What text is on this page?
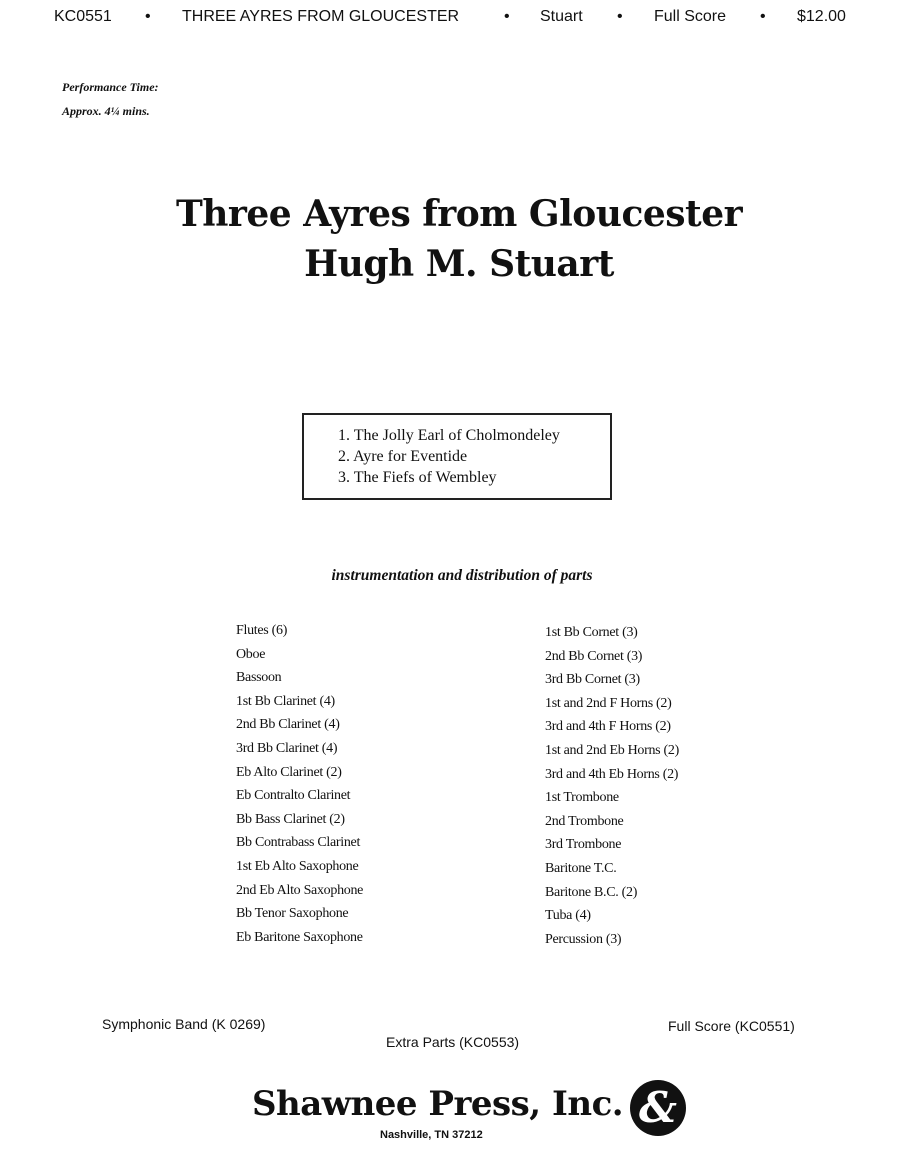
KC0551 • THREE AYRES FROM GLOUCESTER	• Stuart • Full Score • $12.00
Performance Time:
Approx. 4¼ mins.
Three Ayres from Gloucester
Hugh M. Stuart
1. The Jolly Earl of Cholmondeley
2. Ayre for Eventide
3. The Fiefs of Wembley
instrumentation and distribution of parts
Flutes (6)
Oboe
Bassoon
1st Bb Clarinet (4)
2nd Bb Clarinet (4)
3rd Bb Clarinet (4)
Eb Alto Clarinet (2)
Eb Contralto Clarinet
Bb Bass Clarinet (2)
Bb Contrabass Clarinet
1st Eb Alto Saxophone
2nd Eb Alto Saxophone
Bb Tenor Saxophone
Eb Baritone Saxophone
1st Bb Cornet (3)
2nd Bb Cornet (3)
3rd Bb Cornet (3)
1st and 2nd F Horns (2)
3rd and 4th F Horns (2)
1st and 2nd Eb Horns (2)
3rd and 4th Eb Horns (2)
1st Trombone
2nd Trombone
3rd Trombone
Baritone T.C.
Baritone B.C. (2)
Tuba (4)
Percussion (3)
Symphonic Band (K 0269)	Full Score (KC0551)
Extra Parts (KC0553)
Shawnee Press, Inc.
Nashville, TN 37212
&
